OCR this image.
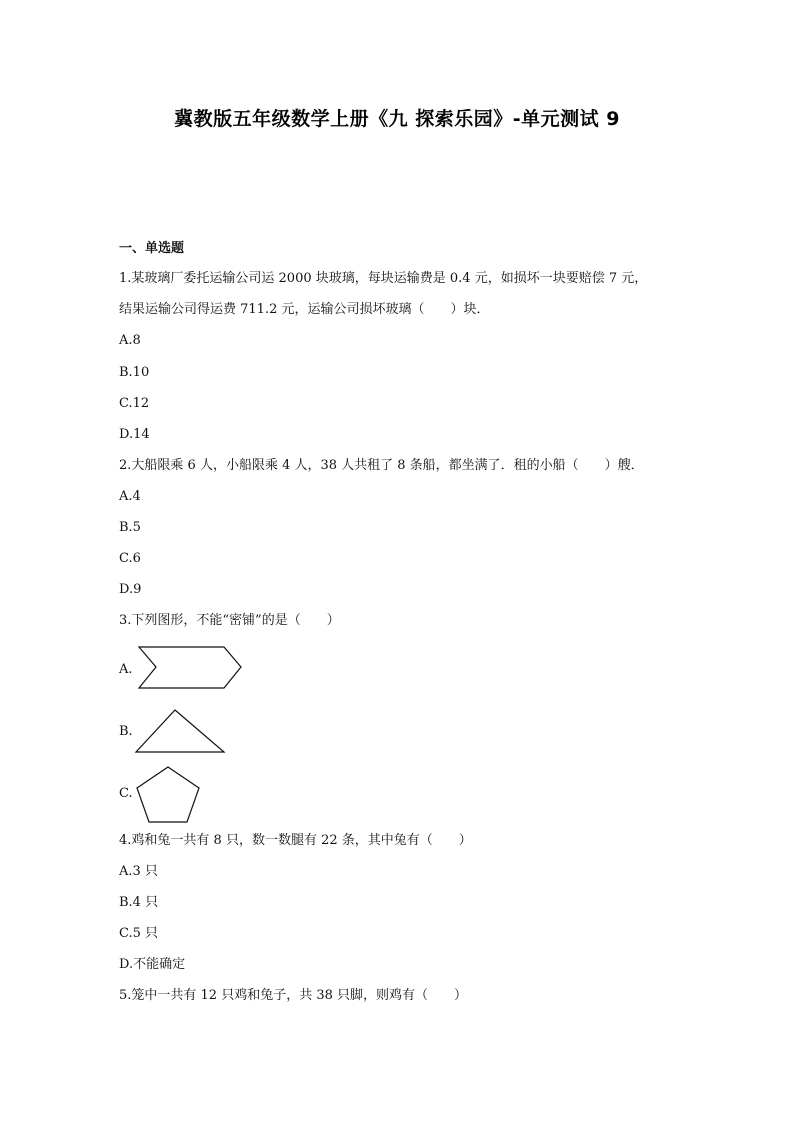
冀教版五年级数学上册《九 探索乐园》-单元测试 9
一、单选题
1.某玻璃厂委托运输公司运 2000 块玻璃，每块运输费是 0.4 元，如损坏一块要赔偿 7 元，
结果运输公司得运费 711.2 元，运输公司损坏玻璃（　　）块．
A.8
B.10
C.12
D.14
2.大船限乘 6 人，小船限乘 4 人，38 人共租了 8 条船，都坐满了．租的小船（　　）艘．
A.4
B.5
C.6
D.9
3.下列图形，不能“密铺”的是（　　）
A.
B.
C.
4.鸡和兔一共有 8 只，数一数腿有 22 条，其中兔有（　　）
A.3 只
B.4 只
C.5 只
D.不能确定
5.笼中一共有 12 只鸡和兔子，共 38 只脚，则鸡有（　　）
